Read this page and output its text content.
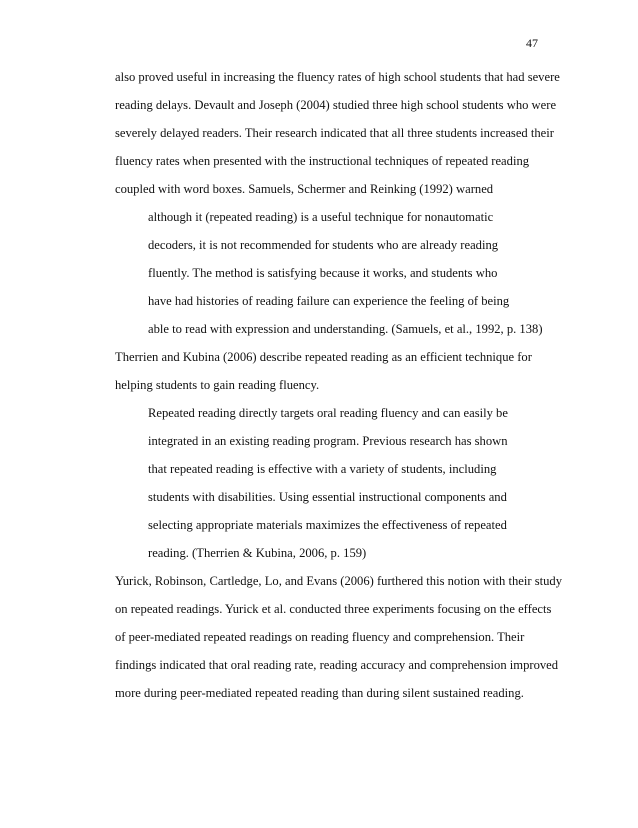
47
also proved useful in increasing the fluency rates of high school students that had severe
reading delays. Devault and Joseph (2004) studied three high school students who were
severely delayed readers. Their research indicated that all three students increased their
fluency rates when presented with the instructional techniques of repeated reading
coupled with word boxes. Samuels, Schermer and Reinking (1992) warned
although it (repeated reading) is a useful technique for nonautomatic
decoders, it is not recommended for students who are already reading
fluently. The method is satisfying because it works, and students who
have had histories of reading failure can experience the feeling of being
able to read with expression and understanding. (Samuels, et al., 1992, p. 138)
Therrien and Kubina (2006) describe repeated reading as an efficient technique for
helping students to gain reading fluency.
Repeated reading directly targets oral reading fluency and can easily be
integrated in an existing reading program. Previous research has shown
that repeated reading is effective with a variety of students, including
students with disabilities. Using essential instructional components and
selecting appropriate materials maximizes the effectiveness of repeated
reading. (Therrien & Kubina, 2006, p. 159)
Yurick, Robinson, Cartledge, Lo, and Evans (2006) furthered this notion with their study
on repeated readings. Yurick et al. conducted three experiments focusing on the effects
of peer-mediated repeated readings on reading fluency and comprehension. Their
findings indicated that oral reading rate, reading accuracy and comprehension improved
more during peer-mediated repeated reading than during silent sustained reading.
